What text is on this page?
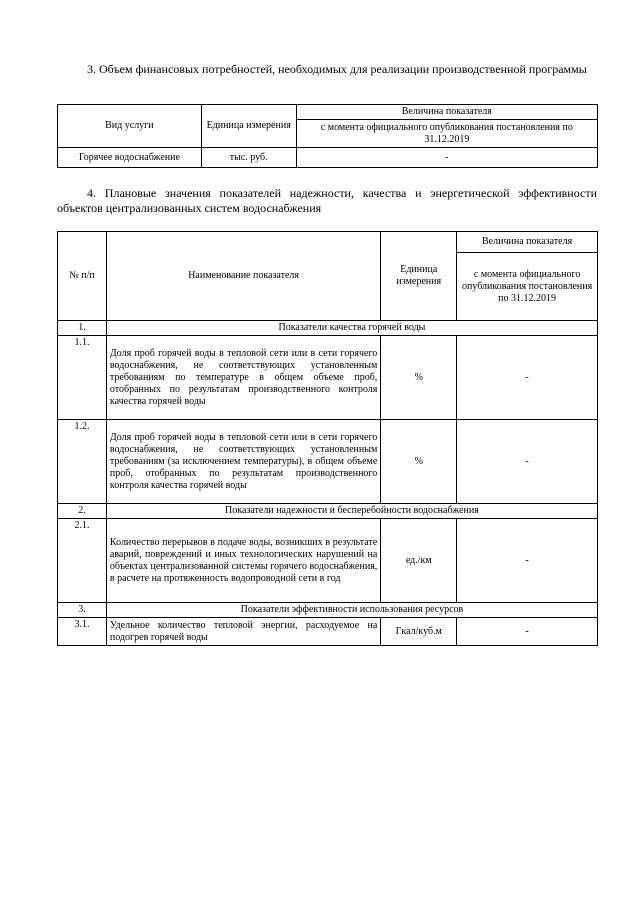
3. Объем финансовых потребностей, необходимых для реализации производственной программы
Вид услуги	Единица измерения	Величина показателя
		с момента официального опубликования постановления по 31.12.2019
Горячее водоснабжение	тыс. руб.	-
4. Плановые значения показателей надежности, качества и энергетической эффективности объектов централизованных систем водоснабжения
№ п/п	Наименование показателя	Единица измерения	Величина показателя
			с момента официального опубликования постановления по 31.12.2019
1.	Показатели качества горячей воды		
1.1.	Доля проб горячей воды в тепловой сети или в сети горячего водоснабжения, не соответствующих установленным требованиям по температуре в общем объеме проб, отобранных по результатам производственного контроля качества горячей воды	%	-
1.2.	Доля проб горячей воды в тепловой сети или в сети горячего водоснабжения, не соответствующих установленным требованиям (за исключением температуры), в общем объеме проб, отобранных по результатам производственного контроля качества горячей воды	%	-
2.	Показатели надежности и бесперебойности водоснабжения		
2.1.	Количество перерывов в подаче воды, возникших в результате аварий, повреждений и иных технологических нарушений на объектах централизованной системы горячего водоснабжения, в расчете на протяженность водопроводной сети в год	ед./км	-
3.	Показатели эффективности использования ресурсов		
3.1.	Удельное количество тепловой энергии, расходуемое на подогрев горячей воды	Гкал/куб.м	-
